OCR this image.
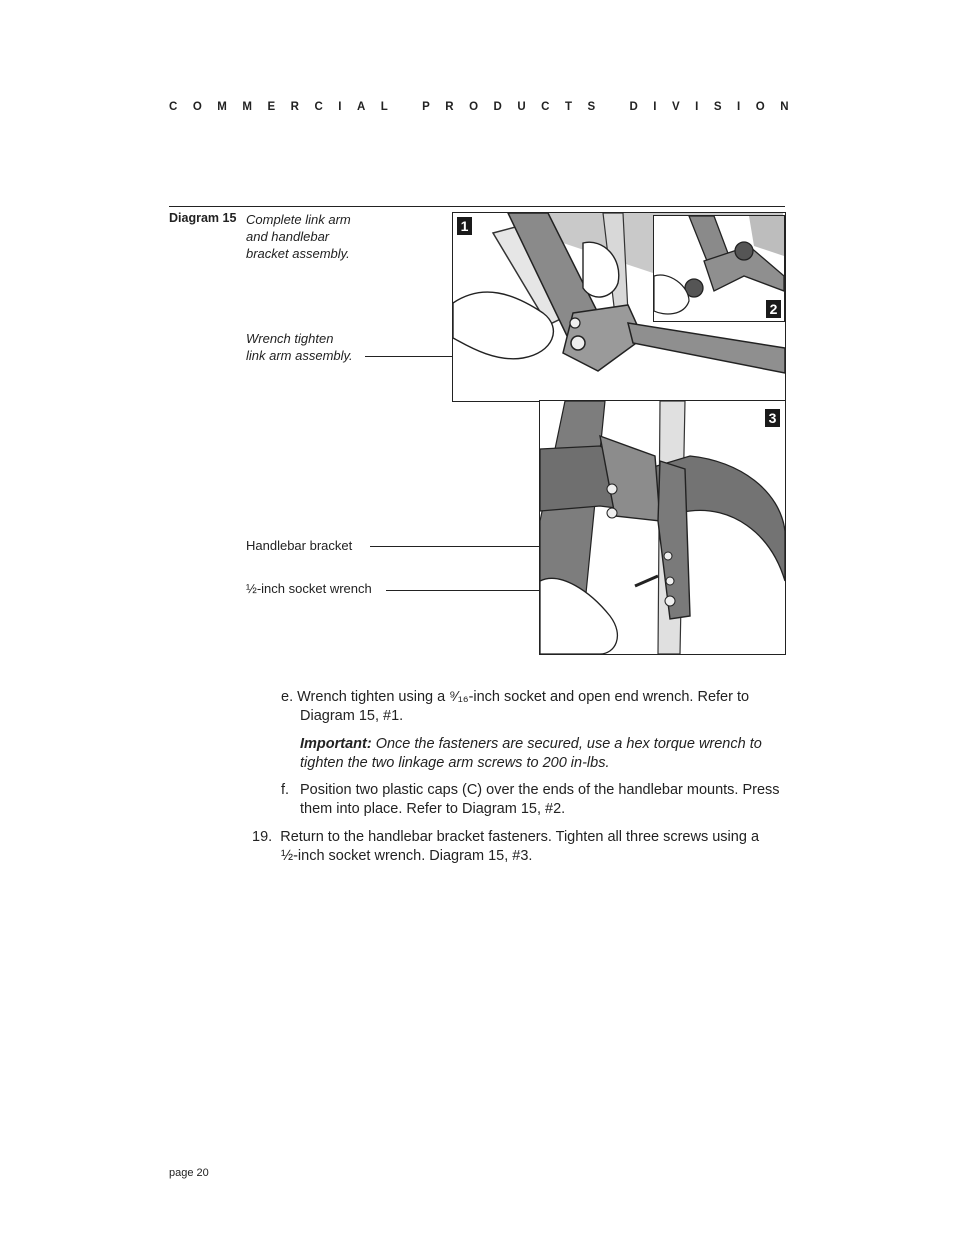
C O M M E R C I A L	P R O D U C T S	D I V I S I O N
Diagram 15 Complete link arm
and handlebar
bracket assembly.
Wrench tighten
link arm assembly.
Handlebar bracket
½-inch socket wrench
1
2
3
e. Wrench tighten using a ⁹⁄₁₆-inch socket and open end wrench. Refer to

Diagram 15, #1.
Important: Once the fasteners are secured, use a hex torque wrench to tighten the two linkage arm screws to 200 in-lbs.
f. Position two plastic caps (C) over the ends of the handlebar mounts. Press them into place. Refer to Diagram 15, #2.
19. Return to the handlebar bracket fasteners. Tighten all three screws using a
½-inch socket wrench. Diagram 15, #3.
page 20
